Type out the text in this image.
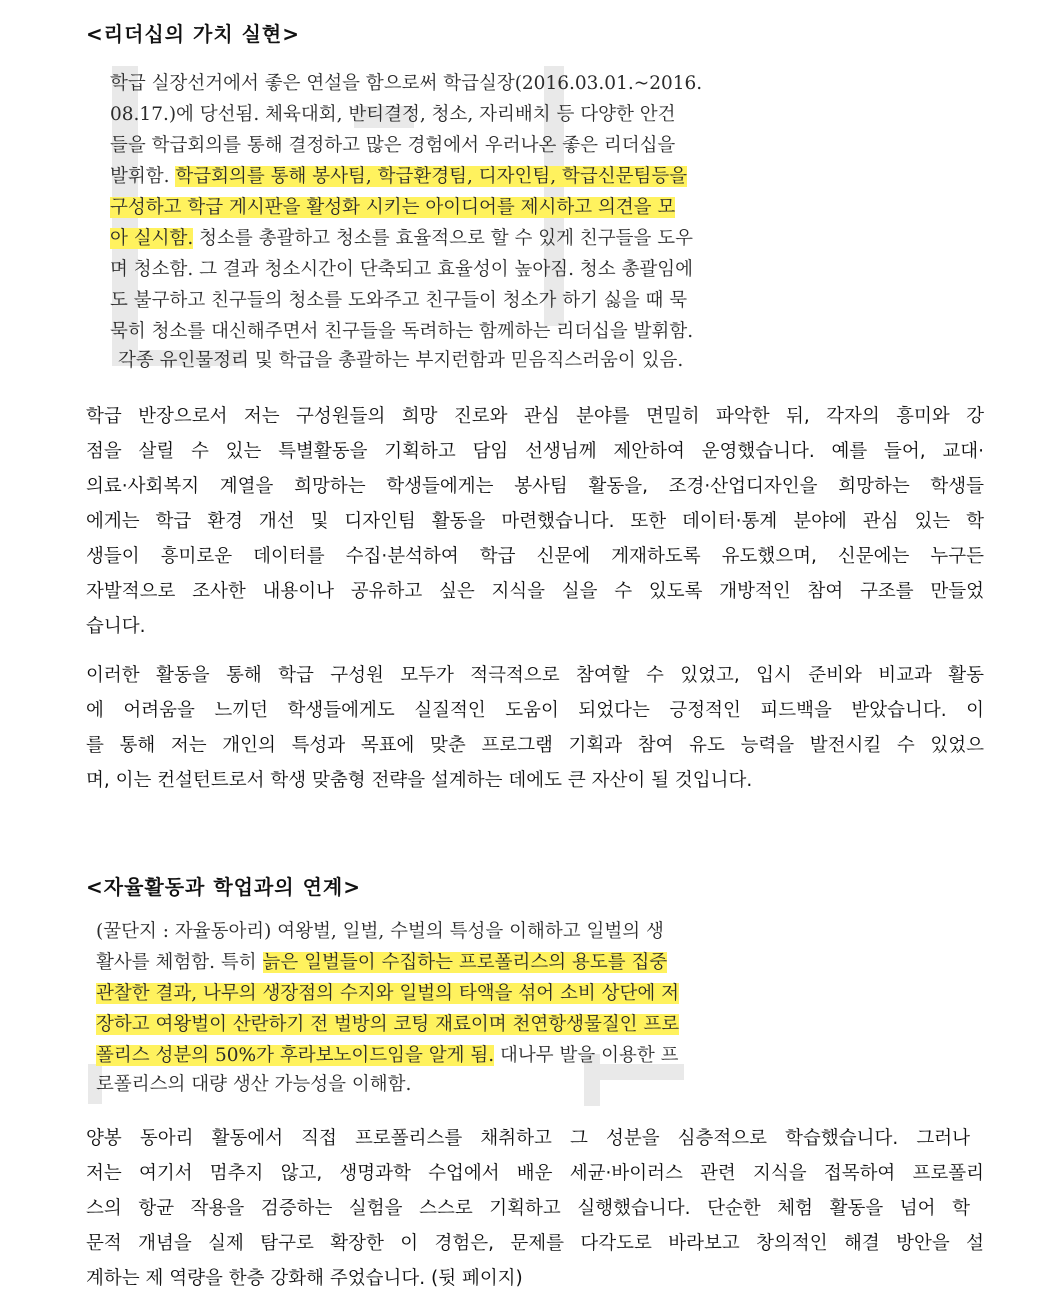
<리더십의 가치 실현>
학급 실장선거에서 좋은 연설을 함으로써 학급실장(2016.03.01.~2016.
08.17.)에 당선됨. 체육대회, 반티결정, 청소, 자리배치 등 다양한 안건
들을 학급회의를 통해 결정하고 많은 경험에서 우러나온 좋은 리더십을
발휘함. 학급회의를 통해 봉사팀, 학급환경팀, 디자인팀, 학급신문팀등을
구성하고 학급 게시판을 활성화 시키는 아이디어를 제시하고 의견을 모
아 실시함. 청소를 총괄하고 청소를 효율적으로 할 수 있게 친구들을 도우
며 청소함. 그 결과 청소시간이 단축되고 효율성이 높아짐. 청소 총괄임에
도 불구하고 친구들의 청소를 도와주고 친구들이 청소가 하기 싫을 때 묵
묵히 청소를 대신해주면서 친구들을 독려하는 함께하는 리더십을 발휘함.
각종 유인물정리 및 학급을 총괄하는 부지런함과 믿음직스러움이 있음.
학급 반장으로서 저는 구성원들의 희망 진로와 관심 분야를 면밀히 파악한 뒤, 각자의 흥미와 강
점을 살릴 수 있는 특별활동을 기획하고 담임 선생님께 제안하여 운영했습니다. 예를 들어, 교대·
의료·사회복지 계열을 희망하는 학생들에게는 봉사팀 활동을, 조경·산업디자인을 희망하는 학생들
에게는 학급 환경 개선 및 디자인팀 활동을 마련했습니다. 또한 데이터·통계 분야에 관심 있는 학
생들이 흥미로운 데이터를 수집·분석하여 학급 신문에 게재하도록 유도했으며, 신문에는 누구든
자발적으로 조사한 내용이나 공유하고 싶은 지식을 실을 수 있도록 개방적인 참여 구조를 만들었
습니다.
이러한 활동을 통해 학급 구성원 모두가 적극적으로 참여할 수 있었고, 입시 준비와 비교과 활동
에 어려움을 느끼던 학생들에게도 실질적인 도움이 되었다는 긍정적인 피드백을 받았습니다. 이
를 통해 저는 개인의 특성과 목표에 맞춘 프로그램 기획과 참여 유도 능력을 발전시킬 수 있었으
며, 이는 컨설턴트로서 학생 맞춤형 전략을 설계하는 데에도 큰 자산이 될 것입니다.
<자율활동과 학업과의 연계>
(꿀단지 : 자율동아리) 여왕벌, 일벌, 수벌의 특성을 이해하고 일벌의 생
활사를 체험함. 특히 늙은 일벌들이 수집하는 프로폴리스의 용도를 집중
관찰한 결과, 나무의 생장점의 수지와 일벌의 타액을 섞어 소비 상단에 저
장하고 여왕벌이 산란하기 전 벌방의 코팅 재료이며 천연항생물질인 프로
폴리스 성분의 50%가 후라보노이드임을 알게 됨. 대나무 발을 이용한 프
로폴리스의 대량 생산 가능성을 이해함.
양봉 동아리 활동에서 직접 프로폴리스를 채취하고 그 성분을 심층적으로 학습했습니다. 그러나
저는 여기서 멈추지 않고, 생명과학 수업에서 배운 세균·바이러스 관련 지식을 접목하여 프로폴리
스의 항균 작용을 검증하는 실험을 스스로 기획하고 실행했습니다. 단순한 체험 활동을 넘어 학
문적 개념을 실제 탐구로 확장한 이 경험은, 문제를 다각도로 바라보고 창의적인 해결 방안을 설
계하는 제 역량을 한층 강화해 주었습니다. (뒷 페이지)
